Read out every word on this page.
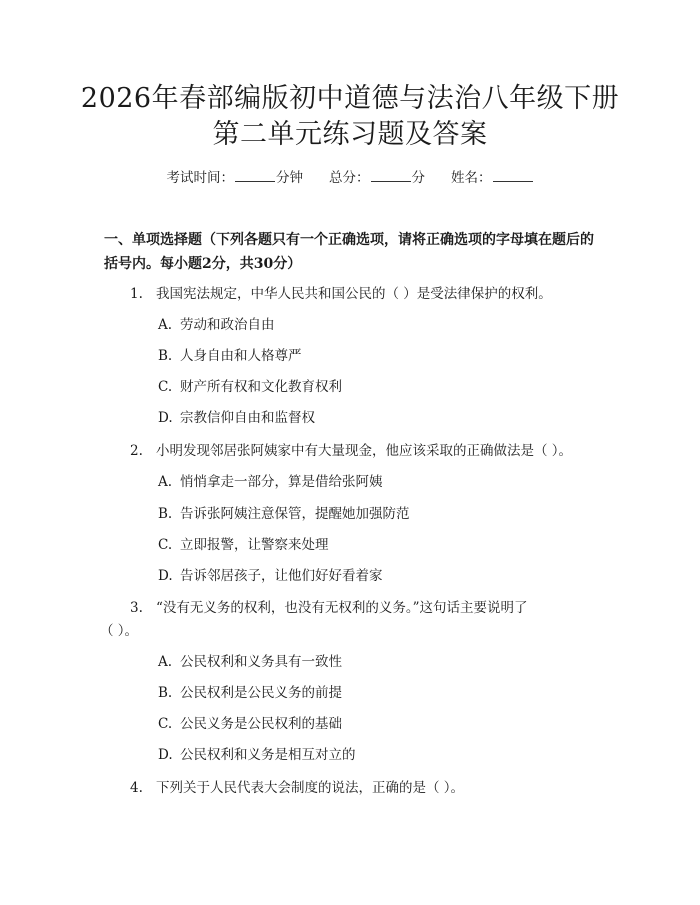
2026年春部编版初中道德与法治八年级下册
第二单元练习题及答案
考试时间：	分钟 总分：	分 姓名：
一、单项选择题（下列各题只有一个正确选项，请将正确选项的字母填在题后的括号内。每小题2分，共30分）
1. 我国宪法规定，中华人民共和国公民的（ ）是受法律保护的权利。
A. 劳动和政治自由
B. 人身自由和人格尊严
C. 财产所有权和文化教育权利
D. 宗教信仰自由和监督权
2. 小明发现邻居张阿姨家中有大量现金，他应该采取的正确做法是（ ）。
A. 悄悄拿走一部分，算是借给张阿姨
B. 告诉张阿姨注意保管，提醒她加强防范
C. 立即报警，让警察来处理
D. 告诉邻居孩子，让他们好好看着家
3. “没有无义务的权利，也没有无权利的义务。”这句话主要说明了
（ ）。
A. 公民权利和义务具有一致性
B. 公民权利是公民义务的前提
C. 公民义务是公民权利的基础
D. 公民权利和义务是相互对立的
4. 下列关于人民代表大会制度的说法，正确的是（ ）。
